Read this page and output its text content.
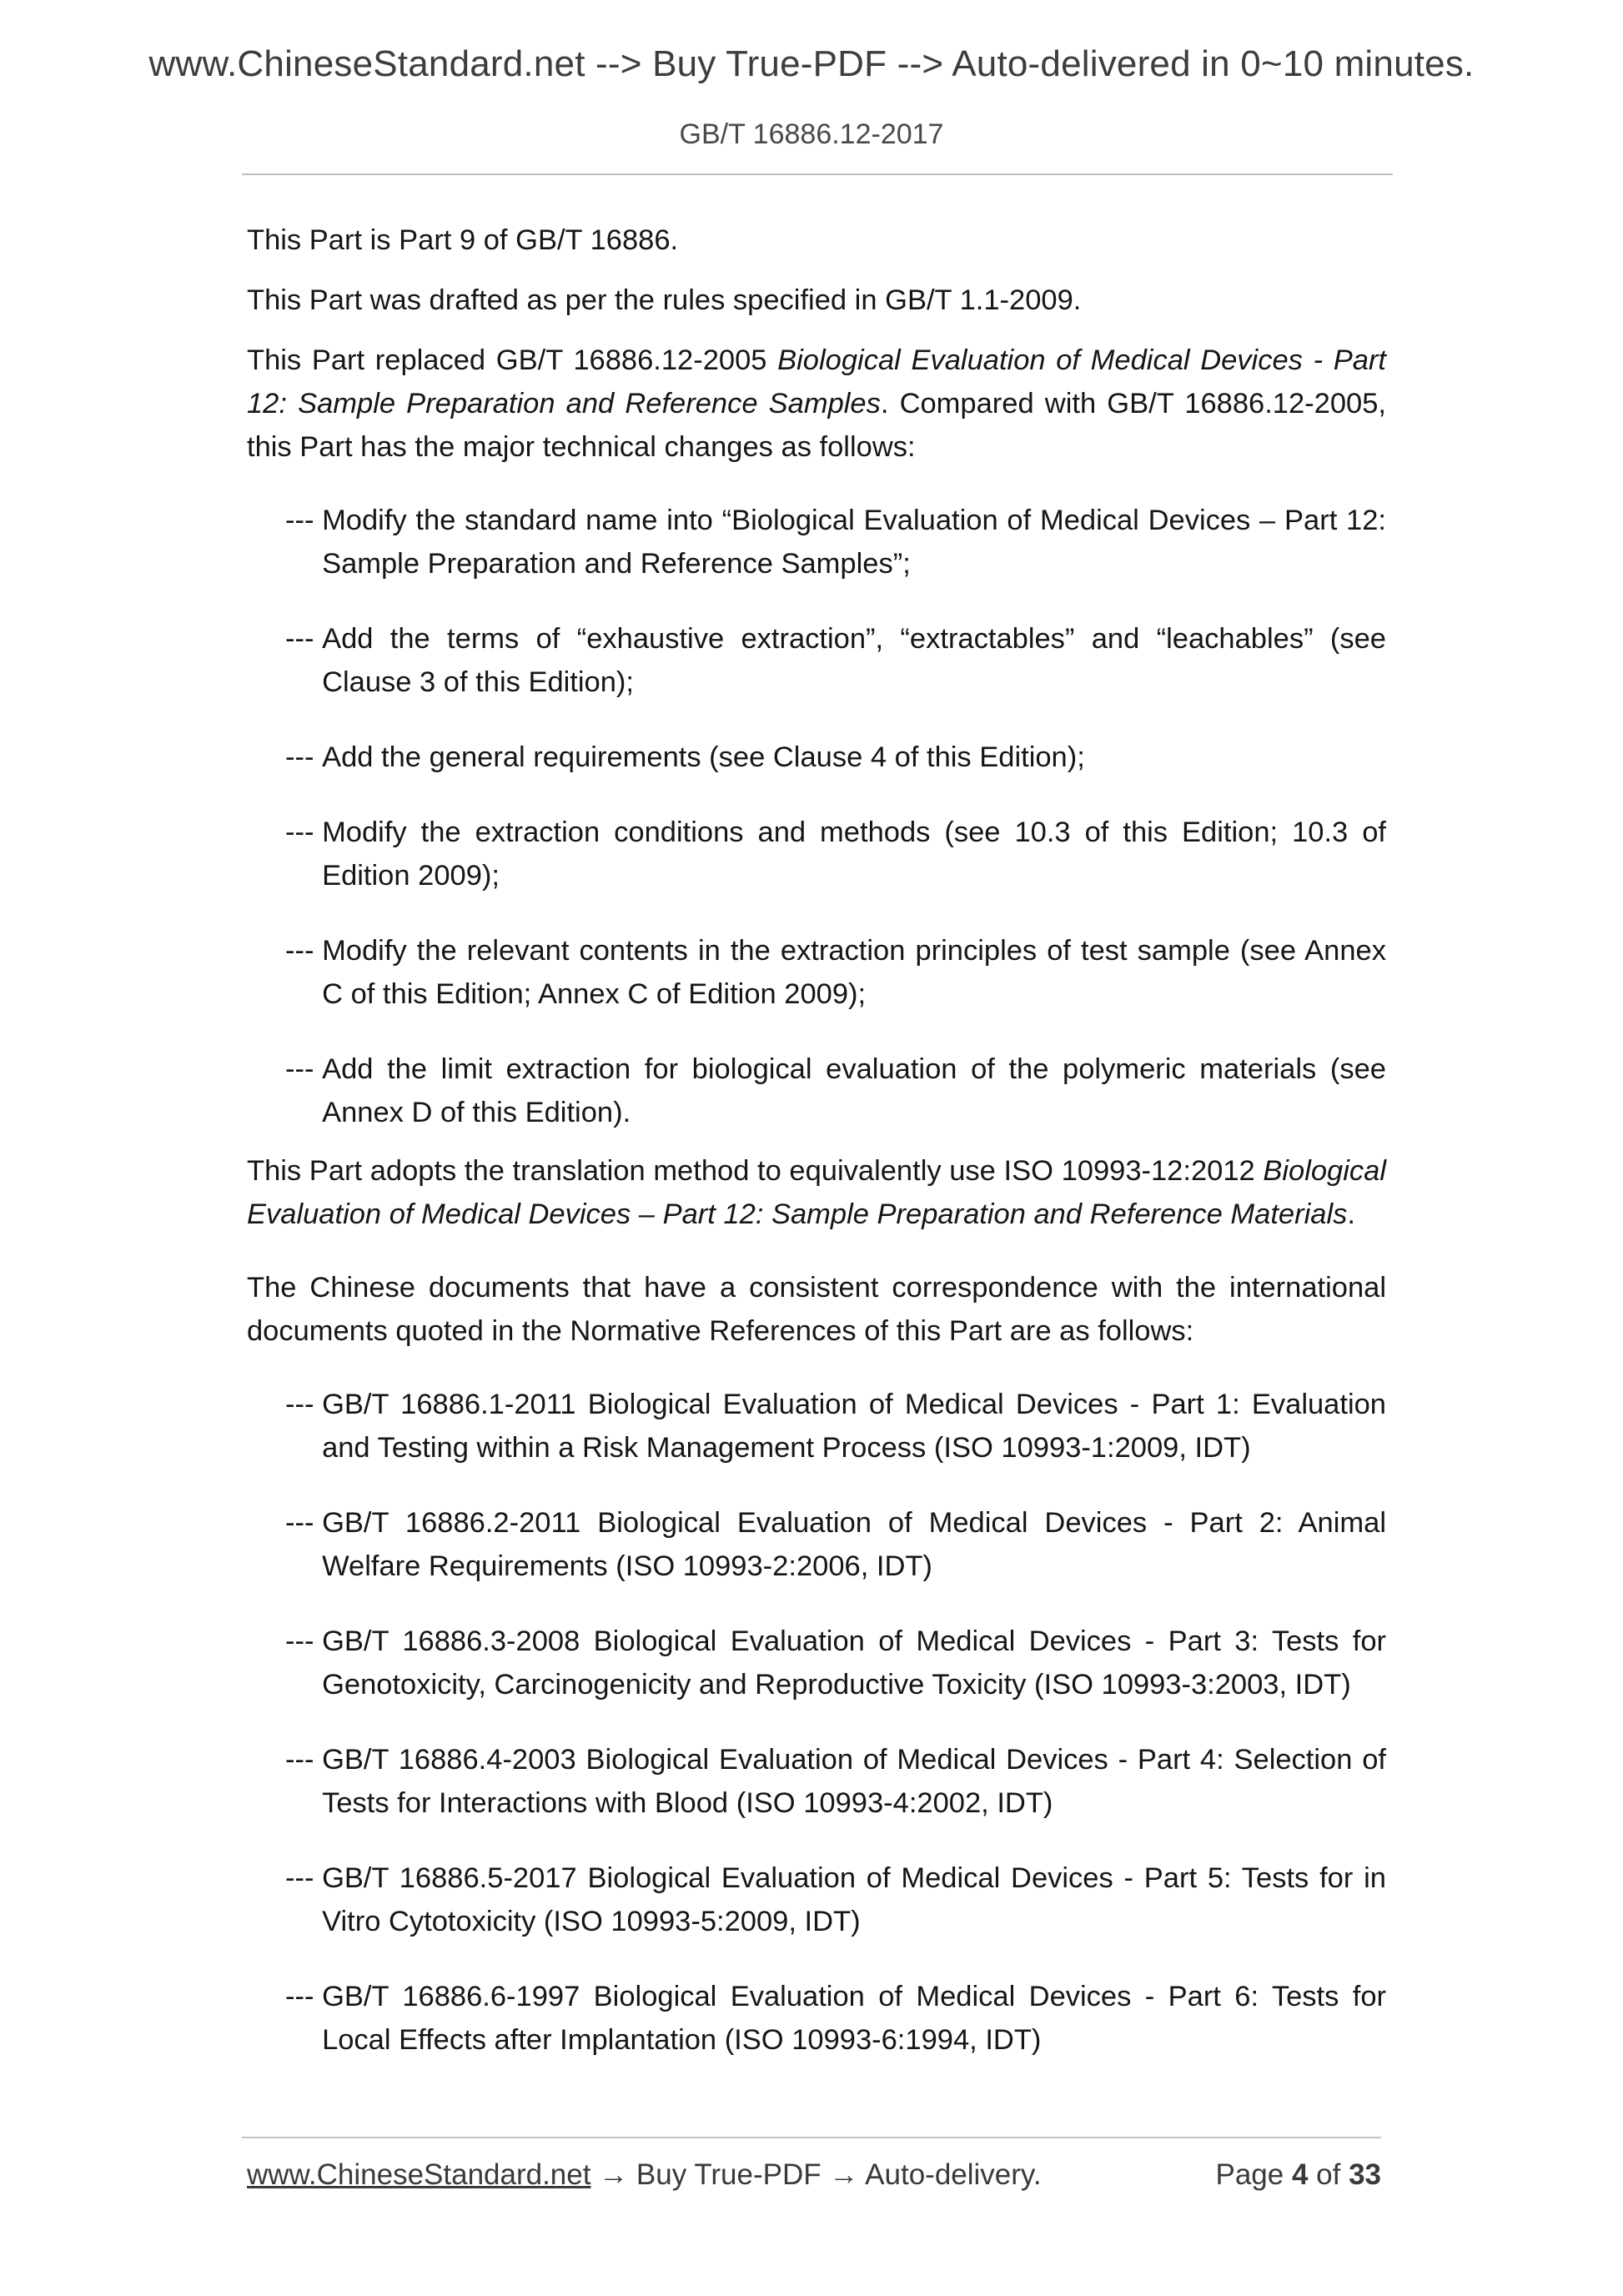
www.ChineseStandard.net --> Buy True-PDF --> Auto-delivered in 0~10 minutes.
GB/T 16886.12-2017

This Part is Part 9 of GB/T 16886.

This Part was drafted as per the rules specified in GB/T 1.1-2009.

This Part replaced GB/T 16886.12-2005 Biological Evaluation of Medical Devices - Part 12: Sample Preparation and Reference Samples. Compared with GB/T 16886.12-2005, this Part has the major technical changes as follows:

--- Modify the standard name into “Biological Evaluation of Medical Devices – Part 12: Sample Preparation and Reference Samples”;
--- Add the terms of “exhaustive extraction”, “extractables” and “leachables” (see Clause 3 of this Edition);
--- Add the general requirements (see Clause 4 of this Edition);
--- Modify the extraction conditions and methods (see 10.3 of this Edition; 10.3 of Edition 2009);
--- Modify the relevant contents in the extraction principles of test sample (see Annex C of this Edition; Annex C of Edition 2009);
--- Add the limit extraction for biological evaluation of the polymeric materials (see Annex D of this Edition).

This Part adopts the translation method to equivalently use ISO 10993-12:2012 Biological Evaluation of Medical Devices – Part 12: Sample Preparation and Reference Materials.

The Chinese documents that have a consistent correspondence with the international documents quoted in the Normative References of this Part are as follows:

--- GB/T 16886.1-2011 Biological Evaluation of Medical Devices - Part 1: Evaluation and Testing within a Risk Management Process (ISO 10993-1:2009, IDT)
--- GB/T 16886.2-2011 Biological Evaluation of Medical Devices - Part 2: Animal Welfare Requirements (ISO 10993-2:2006, IDT)
--- GB/T 16886.3-2008 Biological Evaluation of Medical Devices - Part 3: Tests for Genotoxicity, Carcinogenicity and Reproductive Toxicity (ISO 10993-3:2003, IDT)
--- GB/T 16886.4-2003 Biological Evaluation of Medical Devices - Part 4: Selection of Tests for Interactions with Blood (ISO 10993-4:2002, IDT)
--- GB/T 16886.5-2017 Biological Evaluation of Medical Devices - Part 5: Tests for in Vitro Cytotoxicity (ISO 10993-5:2009, IDT)
--- GB/T 16886.6-1997 Biological Evaluation of Medical Devices - Part 6: Tests for Local Effects after Implantation (ISO 10993-6:1994, IDT)
www.ChineseStandard.net → Buy True-PDF → Auto-delivery.	Page 4 of 33
